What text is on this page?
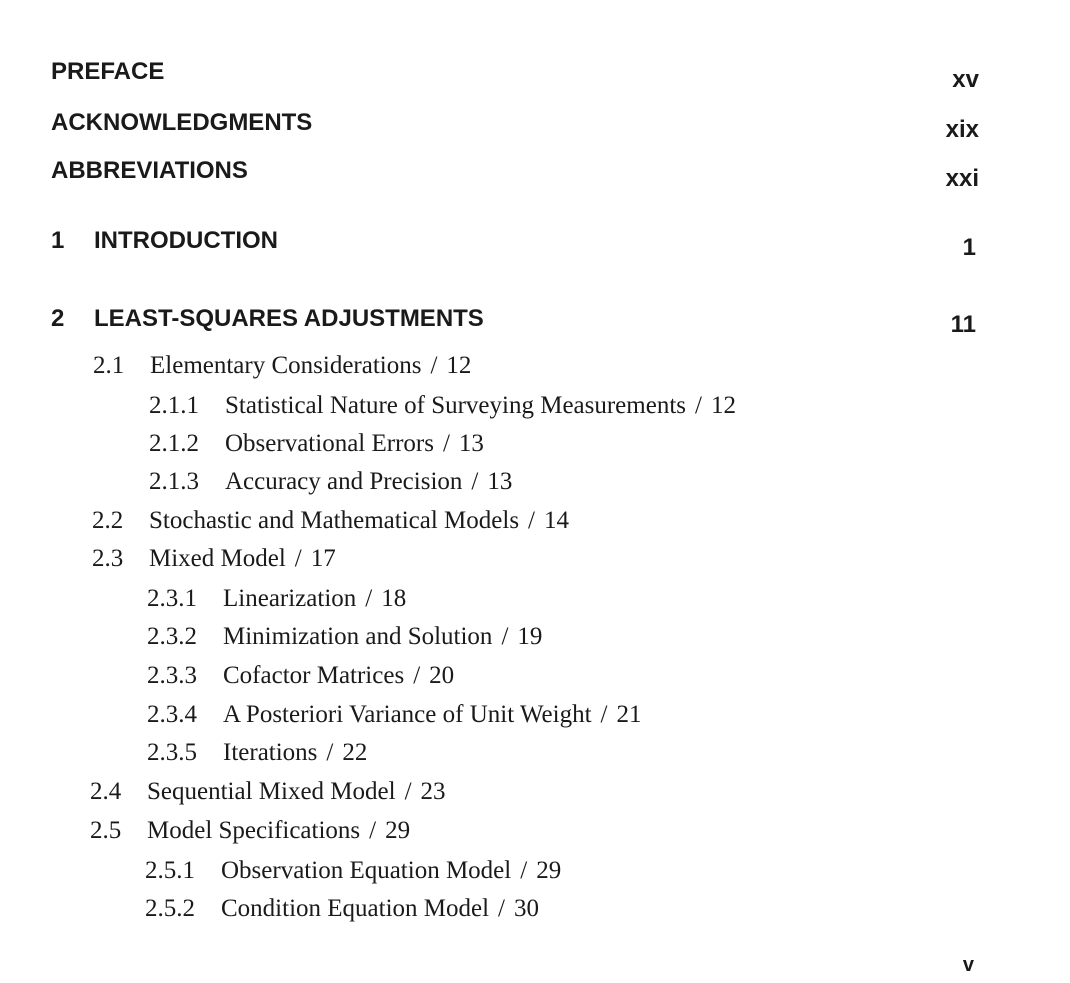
PREFACE	xv
ACKNOWLEDGMENTS	xix
ABBREVIATIONS	xxi
1 INTRODUCTION	1
2 LEAST-SQUARES ADJUSTMENTS	11
2.1 Elementary Considerations / 12
2.1.1 Statistical Nature of Surveying Measurements / 12
2.1.2 Observational Errors / 13
2.1.3 Accuracy and Precision / 13
2.2 Stochastic and Mathematical Models / 14
2.3 Mixed Model / 17
2.3.1 Linearization / 18
2.3.2 Minimization and Solution / 19
2.3.3 Cofactor Matrices / 20
2.3.4 A Posteriori Variance of Unit Weight / 21
2.3.5 Iterations / 22
2.4 Sequential Mixed Model / 23
2.5 Model Specifications / 29
2.5.1 Observation Equation Model / 29
2.5.2 Condition Equation Model / 30
v
